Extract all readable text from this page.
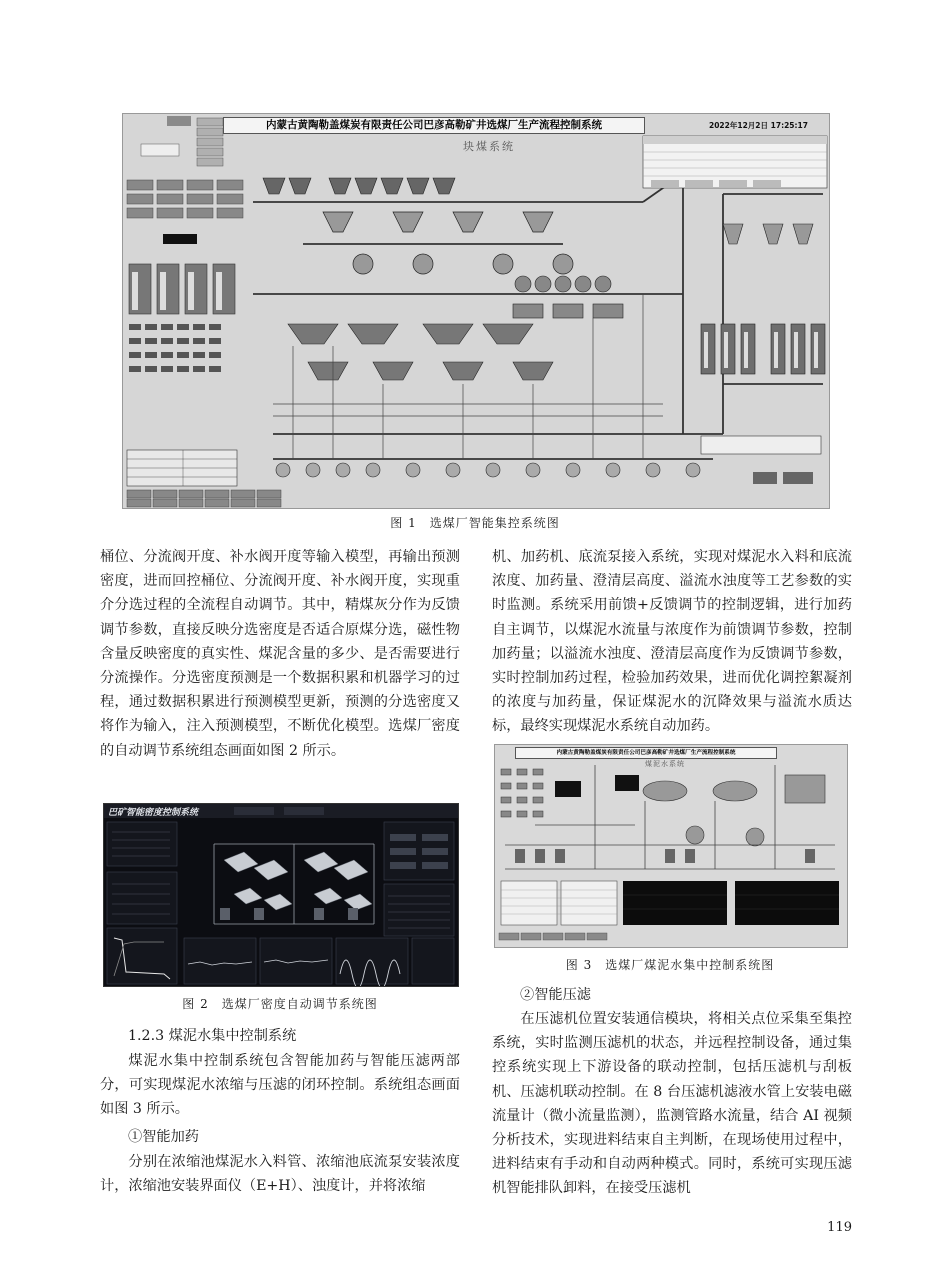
内蒙古黄陶勒盖煤炭有限责任公司巴彦高勒矿井选煤厂生产流程控制系统
块煤系统
2022年12月2日 17:25:17
图 1　选煤厂智能集控系统图

桶位、分流阀开度、补水阀开度等输入模型，再输出预测密度，进而回控桶位、分流阀开度、补水阀开度，实现重介分选过程的全流程自动调节。其中，精煤灰分作为反馈调节参数，直接反映分选密度是否适合原煤分选，磁性物含量反映密度的真实性、煤泥含量的多少、是否需要进行分流操作。分选密度预测是一个数据积累和机器学习的过程，通过数据积累进行预测模型更新，预测的分选密度又将作为输入，注入预测模型，不断优化模型。选煤厂密度的自动调节系统组态画面如图 2 所示。

巴矿智能密度控制系统
图 2　选煤厂密度自动调节系统图
1.2.3 煤泥水集中控制系统

煤泥水集中控制系统包含智能加药与智能压滤两部分，可实现煤泥水浓缩与压滤的闭环控制。系统组态画面如图 3 所示。

①智能加药

分别在浓缩池煤泥水入料管、浓缩池底流泵安装浓度计，浓缩池安装界面仪（E+H）、浊度计，并将浓缩

机、加药机、底流泵接入系统，实现对煤泥水入料和底流浓度、加药量、澄清层高度、溢流水浊度等工艺参数的实时监测。系统采用前馈+反馈调节的控制逻辑，进行加药自主调节，以煤泥水流量与浓度作为前馈调节参数，控制加药量；以溢流水浊度、澄清层高度作为反馈调节参数，实时控制加药过程，检验加药效果，进而优化调控絮凝剂的浓度与加药量，保证煤泥水的沉降效果与溢流水质达标，最终实现煤泥水系统自动加药。

内蒙古黄陶勒盖煤炭有限责任公司巴彦高勒矿井选煤厂生产流程控制系统
煤泥水系统
图 3　选煤厂煤泥水集中控制系统图
②智能压滤

在压滤机位置安装通信模块，将相关点位采集至集控系统，实时监测压滤机的状态，并远程控制设备，通过集控系统实现上下游设备的联动控制，包括压滤机与刮板机、压滤机联动控制。在 8 台压滤机滤液水管上安装电磁流量计（微小流量监测），监测管路水流量，结合 AI 视频分析技术，实现进料结束自主判断，在现场使用过程中，进料结束有手动和自动两种模式。同时，系统可实现压滤机智能排队卸料，在接受压滤机

119
